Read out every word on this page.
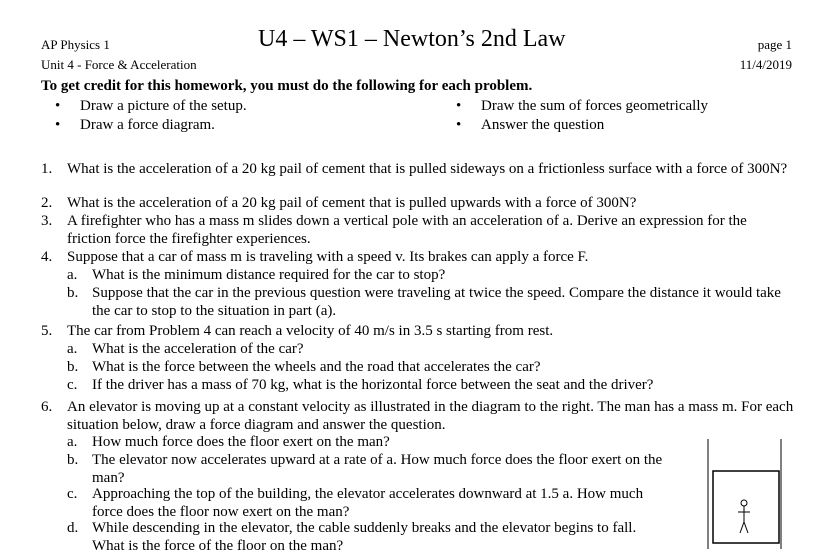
AP Physics 1
Unit 4 - Force & Acceleration
U4 – WS1 – Newton’s 2nd Law	page 1
11/4/2019
To get credit for this homework, you must do the following for each problem.
• Draw a picture of the setup.
• Draw a force diagram.
• Draw the sum of forces geometrically
• Answer the question
1. What is the acceleration of a 20 kg pail of cement that is pulled sideways on a frictionless surface with a force of 300N?
2. What is the acceleration of a 20 kg pail of cement that is pulled upwards with a force of 300N?
3. A firefighter who has a mass m slides down a vertical pole with an acceleration of a. Derive an expression for the friction force the firefighter experiences.
4. Suppose that a car of mass m is traveling with a speed v. Its brakes can apply a force F.
a. What is the minimum distance required for the car to stop?
b. Suppose that the car in the previous question were traveling at twice the speed. Compare the distance it would take the car to stop to the situation in part (a).
5. The car from Problem 4 can reach a velocity of 40 m/s in 3.5 s starting from rest.
a. What is the acceleration of the car?
b. What is the force between the wheels and the road that accelerates the car?
c. If the driver has a mass of 70 kg, what is the horizontal force between the seat and the driver?
6. An elevator is moving up at a constant velocity as illustrated in the diagram to the right. The man has a mass m. For each situation below, draw a force diagram and answer the question.
a. How much force does the floor exert on the man?
b. The elevator now accelerates upward at a rate of a. How much force does the floor exert on the man?
c. Approaching the top of the building, the elevator accelerates downward at 1.5 a. How much force does the floor now exert on the man?
d. While descending in the elevator, the cable suddenly breaks and the elevator begins to fall. What is the force of the floor on the man?
